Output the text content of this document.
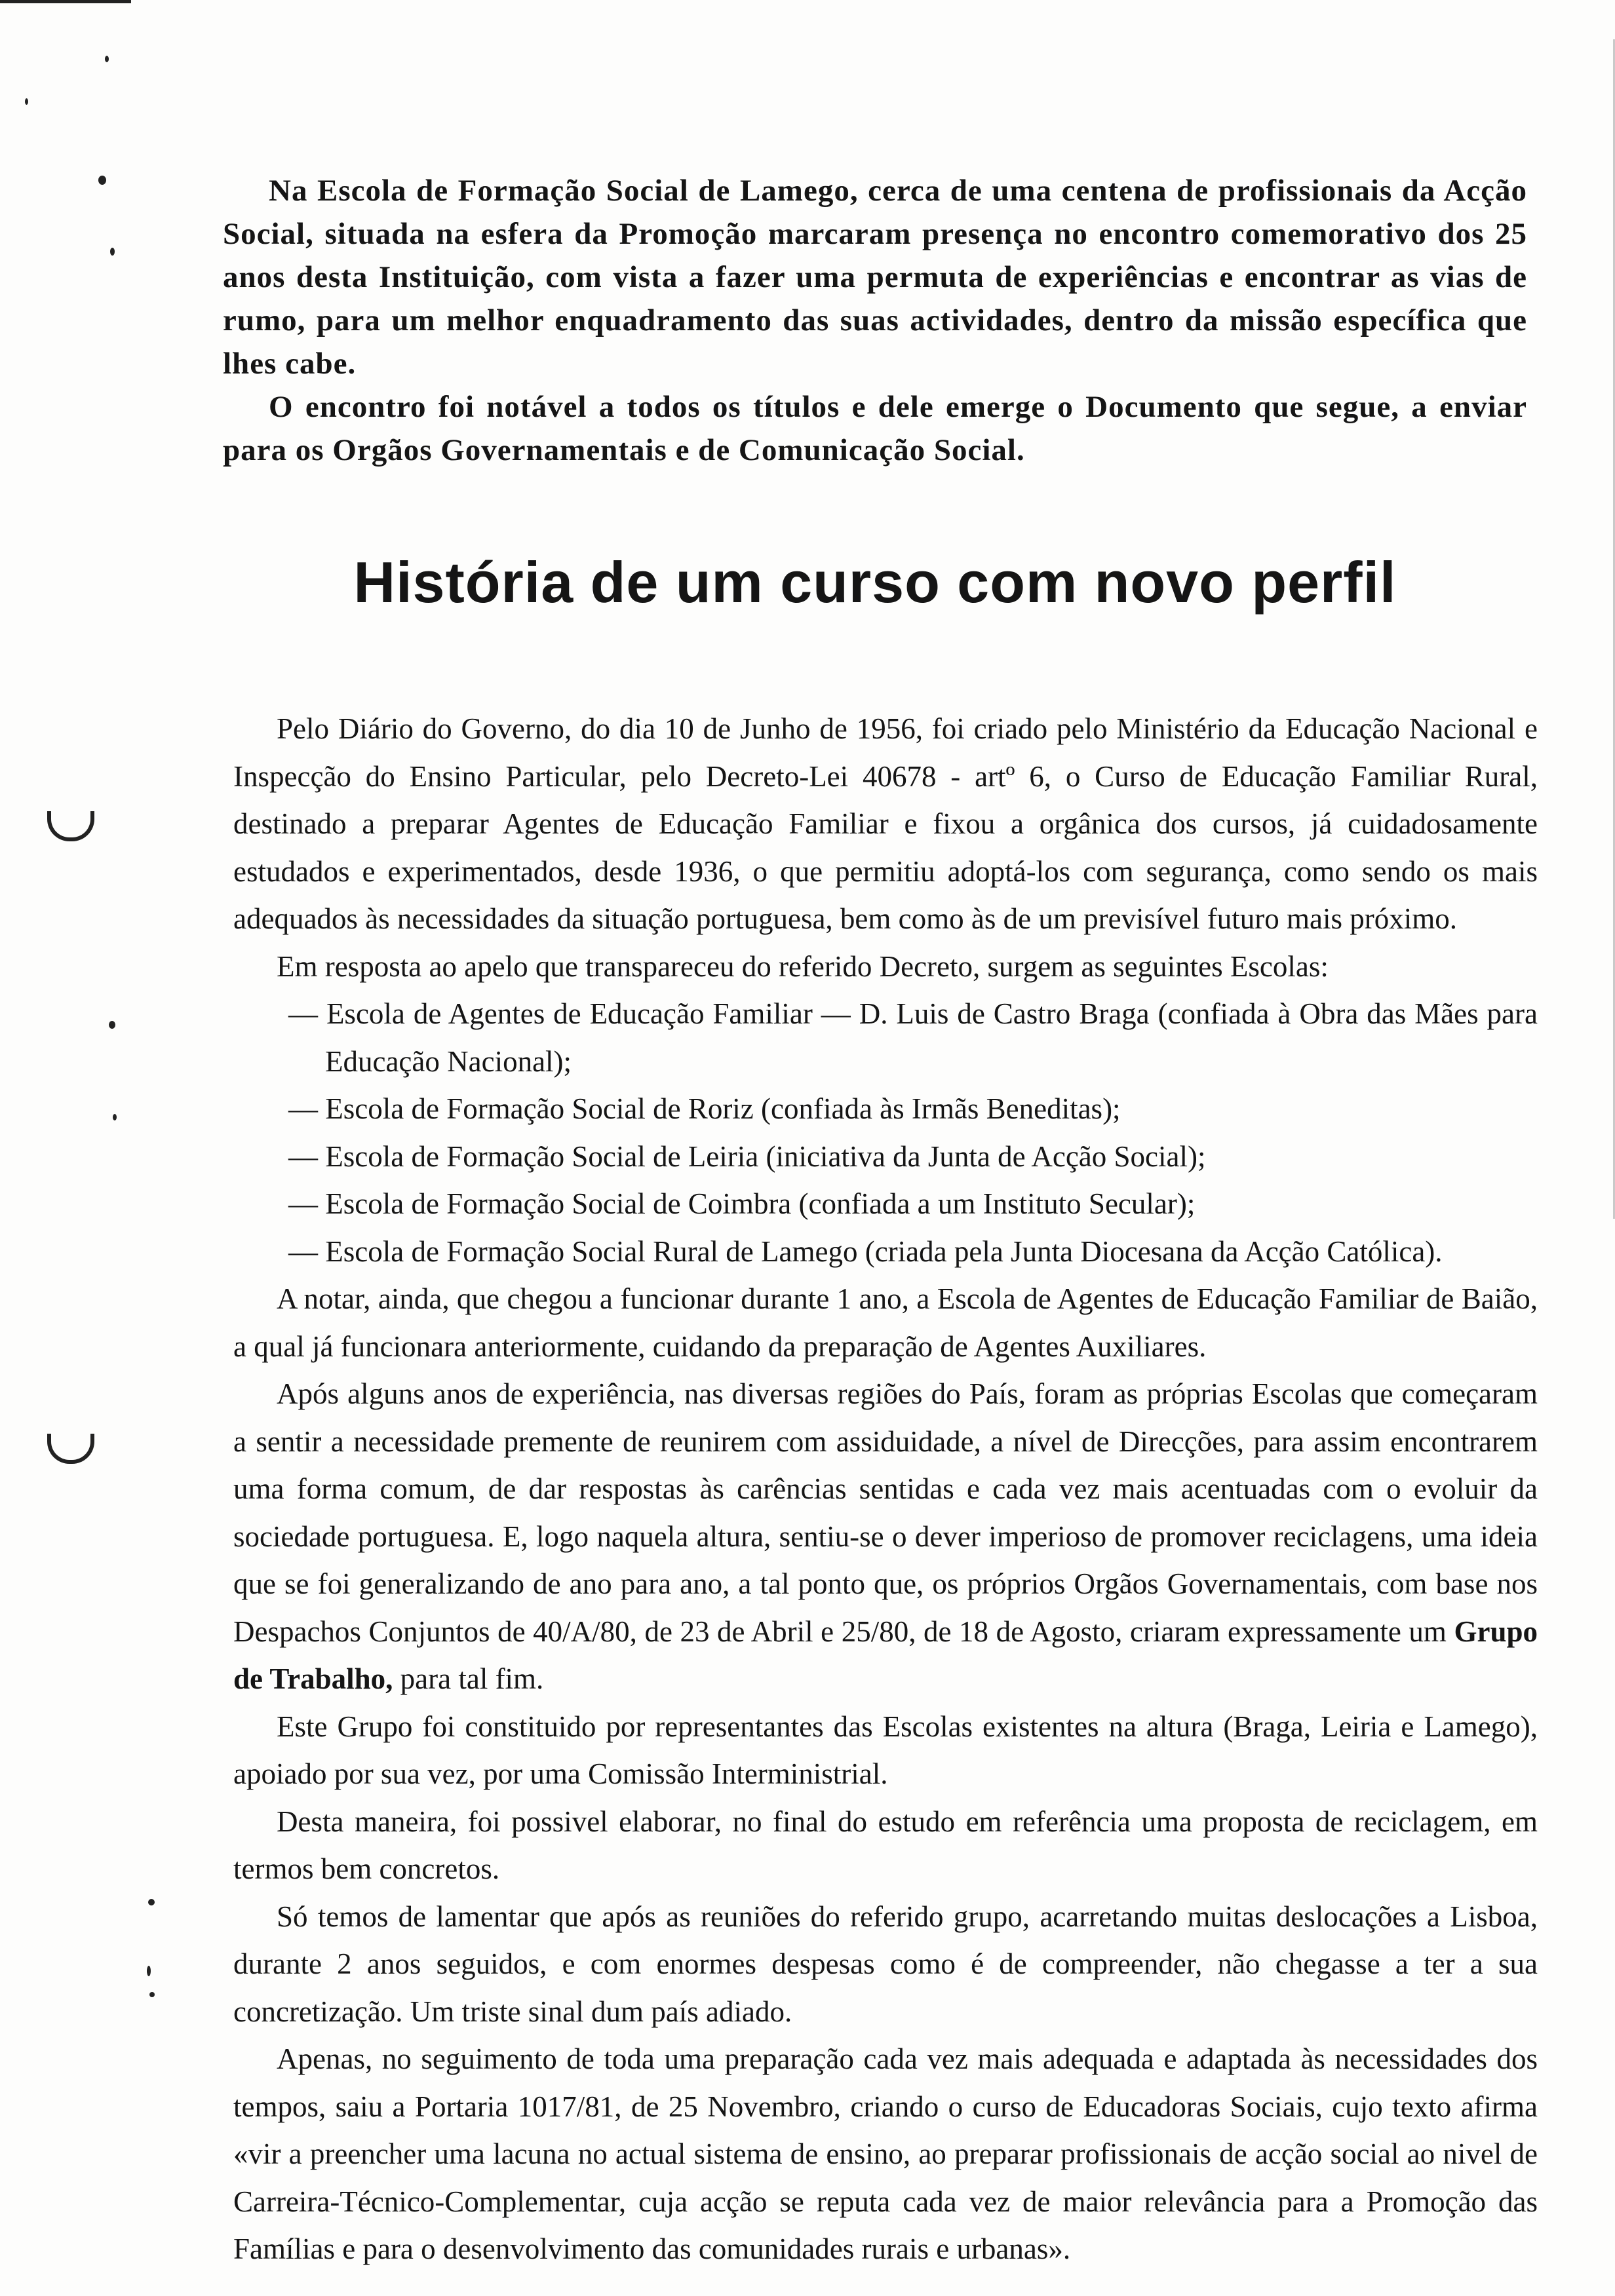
Na Escola de Formação Social de Lamego, cerca de uma centena de profissionais da Acção Social, situada na esfera da Promoção marcaram presença no encontro comemorativo dos 25 anos desta Instituição, com vista a fazer uma permuta de experiências e encontrar as vias de rumo, para um melhor enquadramento das suas actividades, dentro da missão específica que lhes cabe.

O encontro foi notável a todos os títulos e dele emerge o Documento que segue, a enviar para os Orgãos Governamentais e de Comunicação Social.

História de um curso com novo perfil

Pelo Diário do Governo, do dia 10 de Junho de 1956, foi criado pelo Ministério da Educação Nacional e Inspecção do Ensino Particular, pelo Decreto-Lei 40678 - artº 6, o Curso de Educação Familiar Rural, destinado a preparar Agentes de Educação Familiar e fixou a orgânica dos cursos, já cuidadosamente estudados e experimentados, desde 1936, o que permitiu adoptá-los com segurança, como sendo os mais adequados às necessidades da situação portuguesa, bem como às de um previsível futuro mais próximo.

Em resposta ao apelo que transpareceu do referido Decreto, surgem as seguintes Escolas:

— Escola de Agentes de Educação Familiar — D. Luis de Castro Braga (confiada à Obra das Mães para Educação Nacional);
— Escola de Formação Social de Roriz (confiada às Irmãs Beneditas);
— Escola de Formação Social de Leiria (iniciativa da Junta de Acção Social);
— Escola de Formação Social de Coimbra (confiada a um Instituto Secular);
— Escola de Formação Social Rural de Lamego (criada pela Junta Diocesana da Acção Católica).

A notar, ainda, que chegou a funcionar durante 1 ano, a Escola de Agentes de Educação Familiar de Baião, a qual já funcionara anteriormente, cuidando da preparação de Agentes Auxiliares.

Após alguns anos de experiência, nas diversas regiões do País, foram as próprias Escolas que começaram a sentir a necessidade premente de reunirem com assiduidade, a nível de Direcções, para assim encontrarem uma forma comum, de dar respostas às carências sentidas e cada vez mais acentuadas com o evoluir da sociedade portuguesa. E, logo naquela altura, sentiu-se o dever imperioso de promover reciclagens, uma ideia que se foi generalizando de ano para ano, a tal ponto que, os próprios Orgãos Governamentais, com base nos Despachos Conjuntos de 40/A/80, de 23 de Abril e 25/80, de 18 de Agosto, criaram expressamente um Grupo de Trabalho, para tal fim.

Este Grupo foi constituido por representantes das Escolas existentes na altura (Braga, Leiria e Lamego), apoiado por sua vez, por uma Comissão Interministrial.

Desta maneira, foi possivel elaborar, no final do estudo em referência uma proposta de reciclagem, em termos bem concretos.

Só temos de lamentar que após as reuniões do referido grupo, acarretando muitas deslocações a Lisboa, durante 2 anos seguidos, e com enormes despesas como é de compreender, não chegasse a ter a sua concretização. Um triste sinal dum país adiado.

Apenas, no seguimento de toda uma preparação cada vez mais adequada e adaptada às necessidades dos tempos, saiu a Portaria 1017/81, de 25 Novembro, criando o curso de Educadoras Sociais, cujo texto afirma «vir a preencher uma lacuna no actual sistema de ensino, ao preparar profissionais de acção social ao nivel de Carreira-Técnico-Complementar, cuja acção se reputa cada vez de maior relevância para a Promoção das Famílias e para o desenvolvimento das comunidades rurais e urbanas».
